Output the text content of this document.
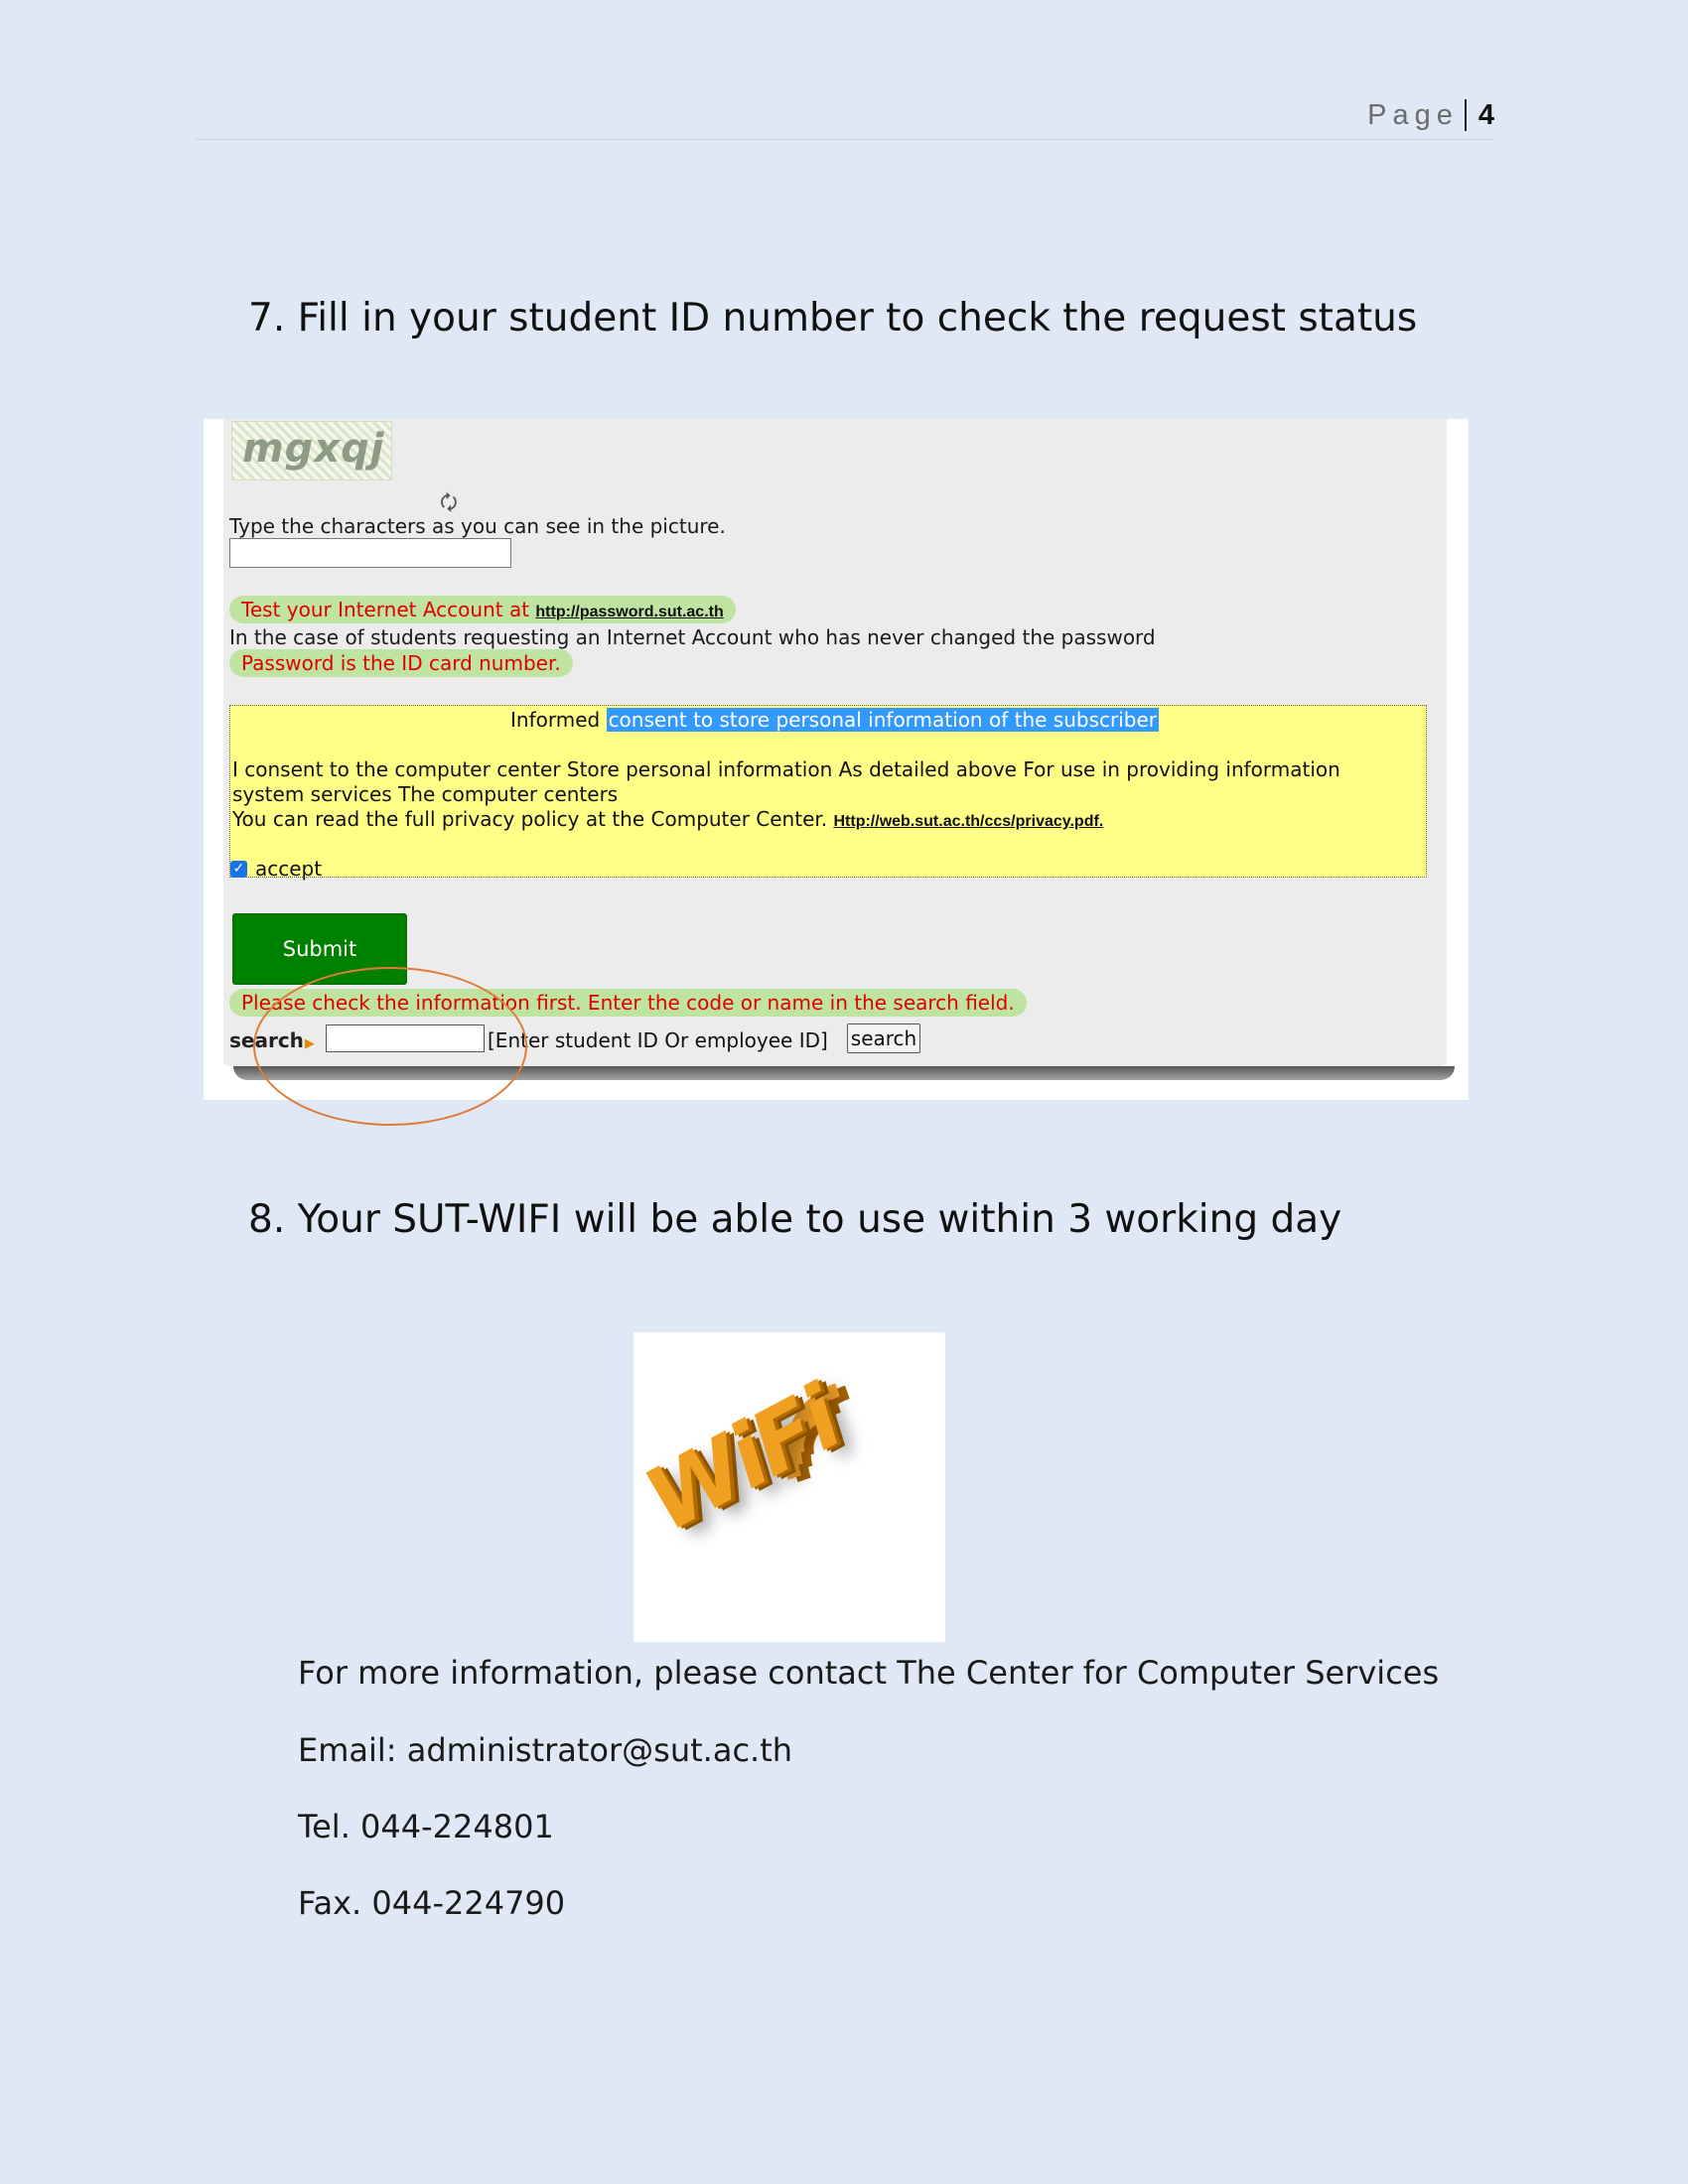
Page 4
7. Fill in your student ID number to check the request status
mgxqj
🗘
Type the characters as you can see in the picture.
Test your Internet Account at http://password.sut.ac.th
In the case of students requesting an Internet Account who has never changed the password
Password is the ID card number.
Informed consent to store personal information of the subscriber
I consent to the computer center Store personal information As detailed above For use in providing information
system services The computer centers
You can read the full privacy policy at the Computer Center. Http://web.sut.ac.th/ccs/privacy.pdf.
✓ accept
Submit
Please check the information first. Enter the code or name in the search field.
search▶	[Enter student ID Or employee ID] search
8. Your SUT-WIFI will be able to use within 3 working day
WiFi
For more information, please contact The Center for Computer Services
Email: administrator@sut.ac.th
Tel. 044-224801
Fax. 044-224790
